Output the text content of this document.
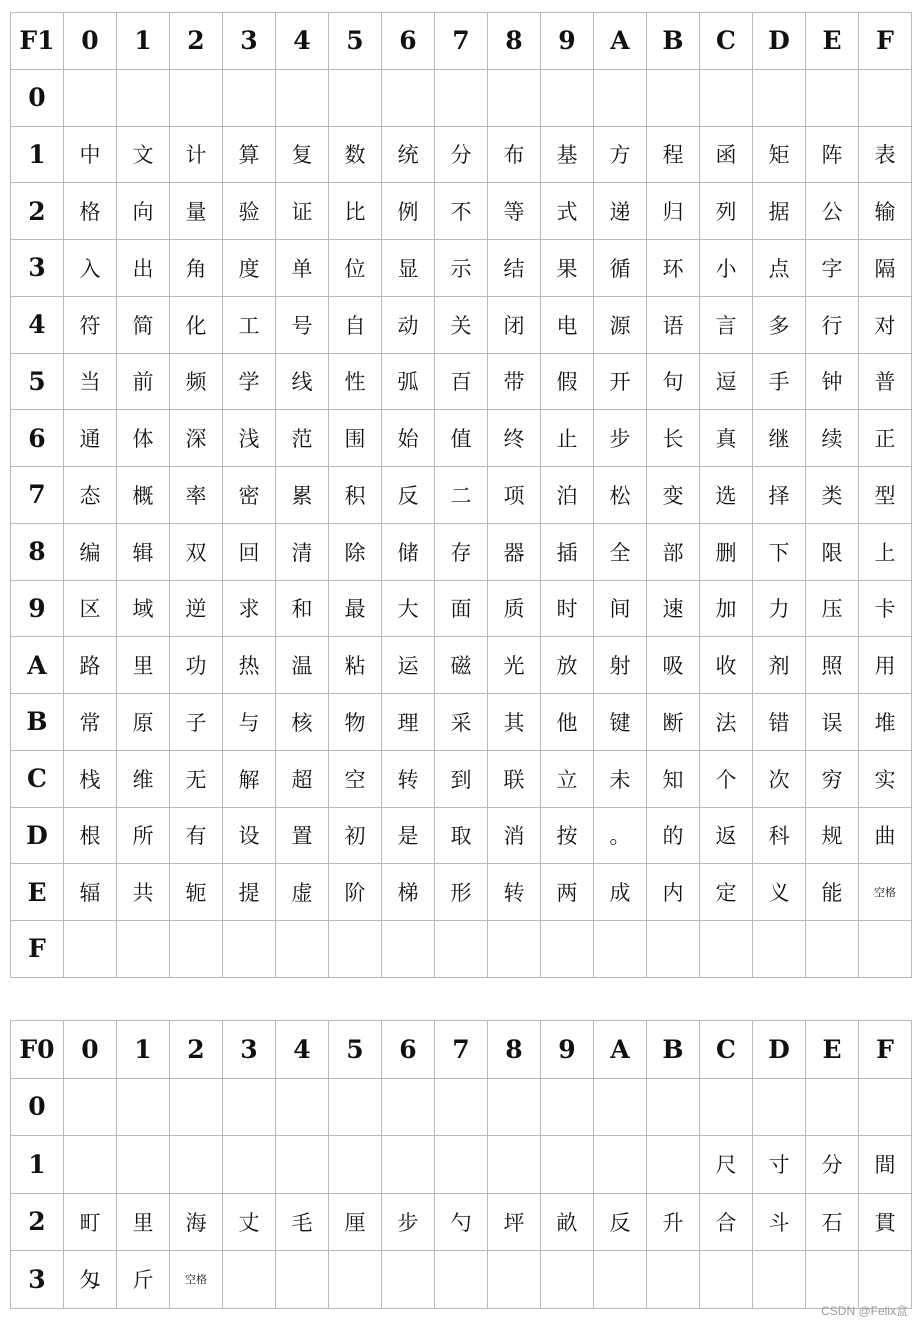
F1	0	1	2	3	4	5	6	7	8	9	A	B	C	D	E	F
0																
1	中	文	计	算	复	数	统	分	布	基	方	程	函	矩	阵	表
2	格	向	量	验	证	比	例	不	等	式	递	归	列	据	公	输
3	入	出	角	度	单	位	显	示	结	果	循	环	小	点	字	隔
4	符	简	化	工	号	自	动	关	闭	电	源	语	言	多	行	对
5	当	前	频	学	线	性	弧	百	带	假	开	句	逗	手	钟	普
6	通	体	深	浅	范	围	始	值	终	止	步	长	真	继	续	正
7	态	概	率	密	累	积	反	二	项	泊	松	变	选	择	类	型
8	编	辑	双	回	清	除	储	存	器	插	全	部	删	下	限	上
9	区	域	逆	求	和	最	大	面	质	时	间	速	加	力	压	卡
A	路	里	功	热	温	粘	运	磁	光	放	射	吸	收	剂	照	用
B	常	原	子	与	核	物	理	采	其	他	键	断	法	错	误	堆
C	栈	维	无	解	超	空	转	到	联	立	未	知	个	次	穷	实
D	根	所	有	设	置	初	是	取	消	按	。	的	返	科	规	曲
E	辐	共	轭	提	虚	阶	梯	形	转	两	成	内	定	义	能	空格
F																
F0	0	1	2	3	4	5	6	7	8	9	A	B	C	D	E	F
0																
1													尺	寸	分	間
2	町	里	海	丈	毛	厘	步	勺	坪	畝	反	升	合	斗	石	貫
3	匁	斤	空格													
CSDN @Felix盒
